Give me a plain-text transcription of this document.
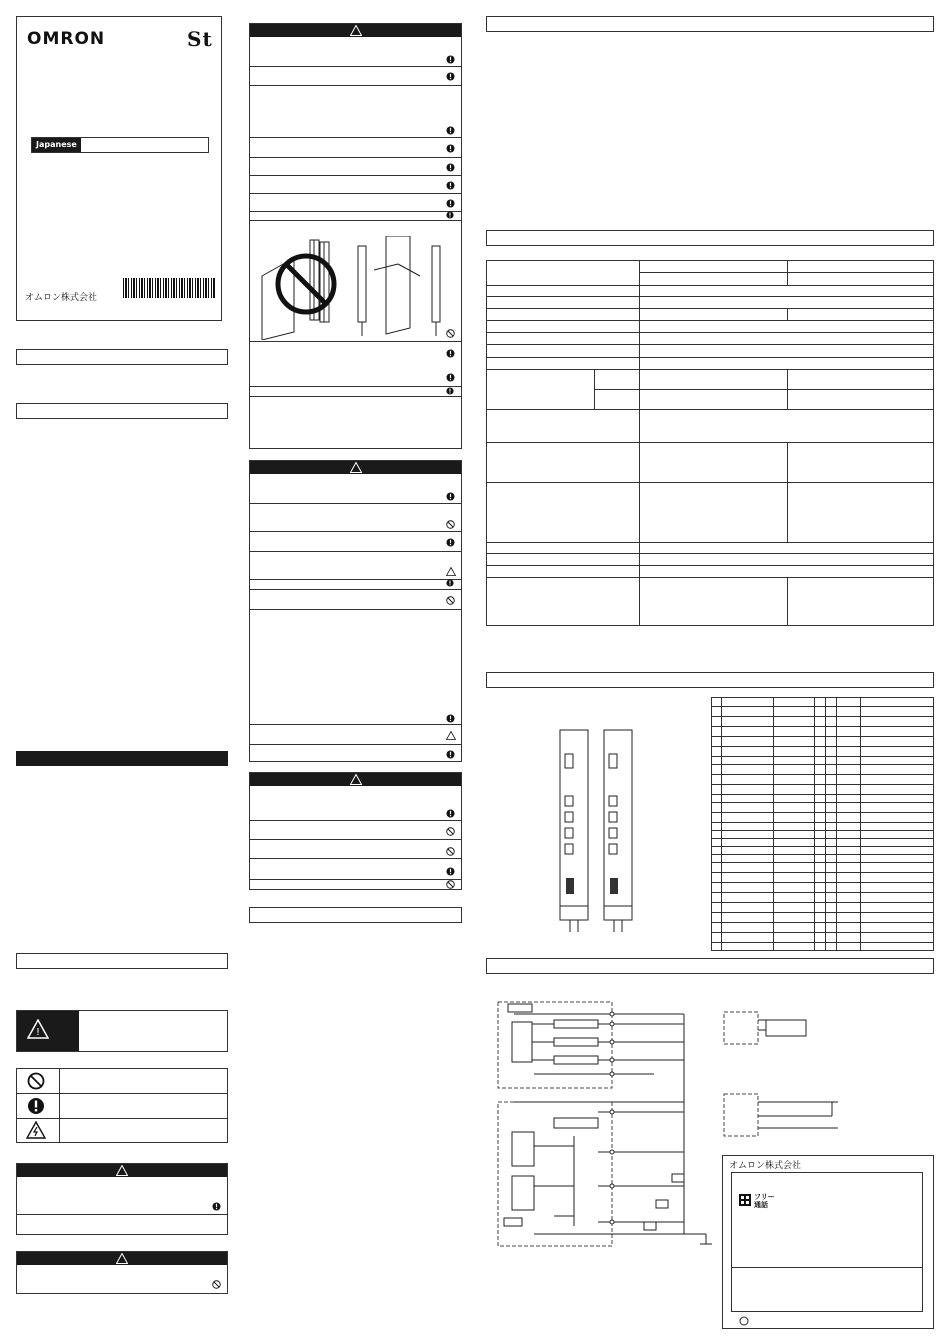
OMRON	St
Japanese
オムロン株式会社
!
オムロン株式会社
フリー
通話
